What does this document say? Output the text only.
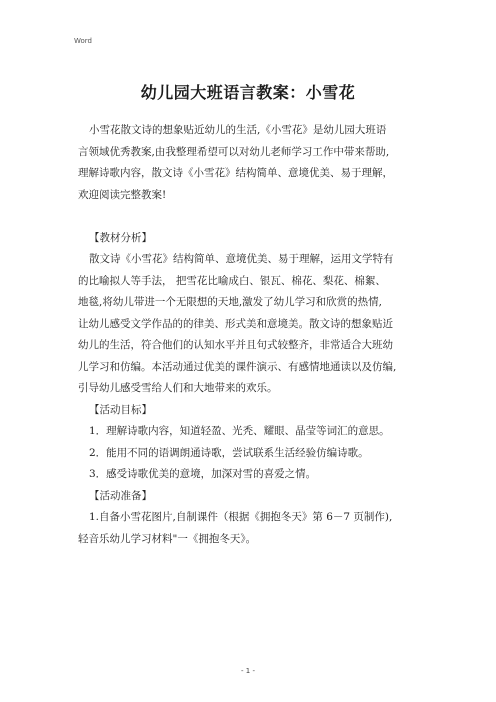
Word
幼儿园大班语言教案：小雪花
小雪花散文诗的想象贴近幼儿的生活,《小雪花》是幼儿园大班语
言领域优秀教案,由我整理希望可以对幼儿老师学习工作中带来帮助,
理解诗歌内容，散文诗《小雪花》结构简单、意境优美、易于理解，
欢迎阅读完整教案!
【教材分析】
散文诗《小雪花》结构简单、意境优美、易于理解，运用文学特有
的比喻拟人等手法， 把雪花比喻成白、银瓦、棉花、梨花、棉絮、
地毯,将幼儿带进一个无限想的天地,激发了幼儿学习和欣赏的热情,
让幼儿感受文学作品的的律美、形式美和意境美。散文诗的想象贴近
幼儿的生活，符合他们的认知水平并且句式较整齐，非常适合大班幼
儿学习和仿编。本活动通过优美的课件演示、有感情地通读以及仿编,
引导幼儿感受雪给人们和大地带来的欢乐。
【活动目标】
1．理解诗歌内容，知道轻盈、光秃、耀眼、晶莹等词汇的意思。
2．能用不同的语调朗通诗歌，尝试联系生活经验仿编诗歌。
3．感受诗歌优美的意境，加深对雪的喜爱之情。
【活动准备】
1.自备小雪花图片,自制课件（根据《拥抱冬天》第 6－7 页制作),
轻音乐幼儿学习材料"一《拥抱冬天》。
- 1 -
